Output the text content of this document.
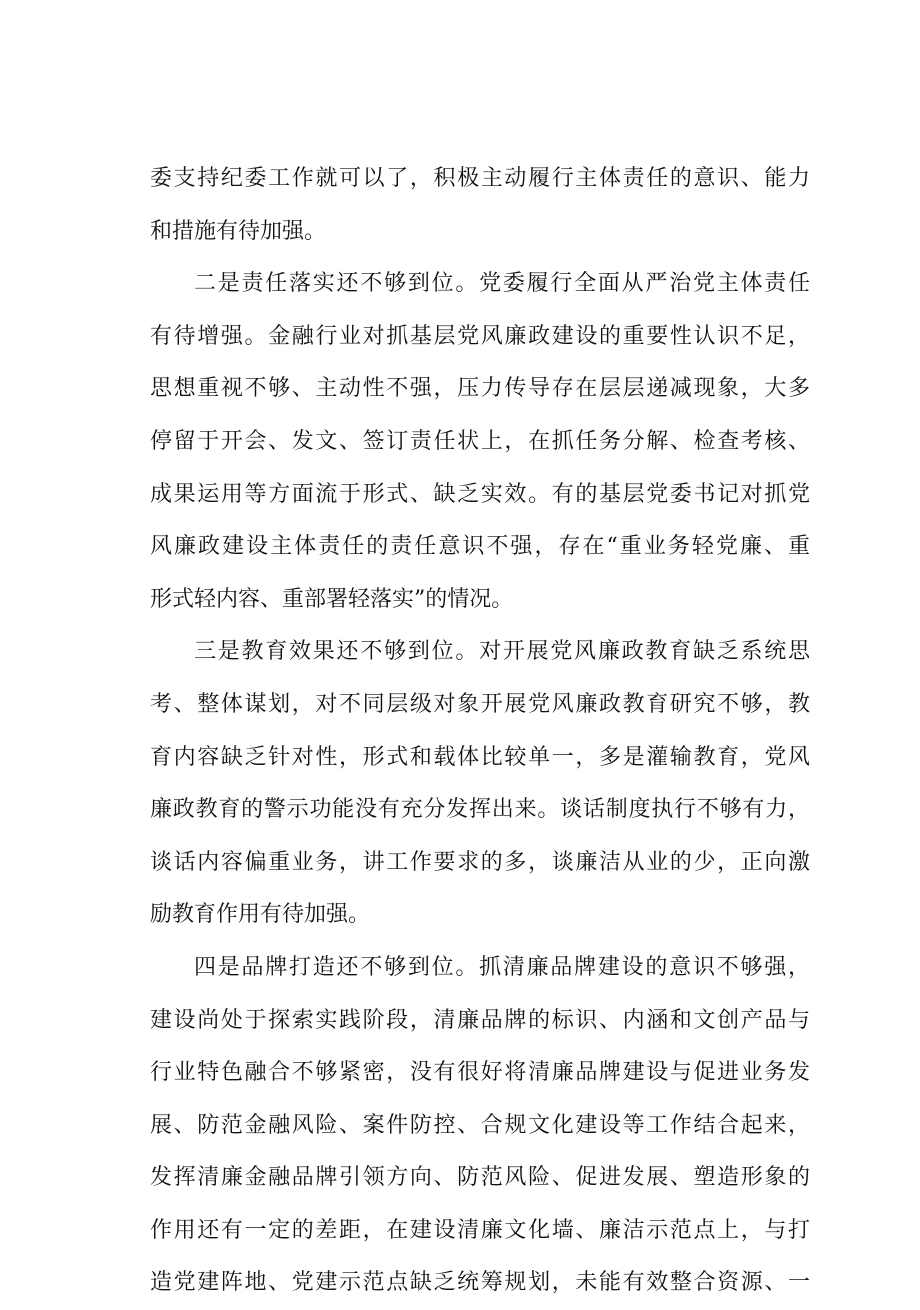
委支持纪委工作就可以了，积极主动履行主体责任的意识、能力
和措施有待加强。
二是责任落实还不够到位。党委履行全面从严治党主体责任
有待增强。金融行业对抓基层党风廉政建设的重要性认识不足，
思想重视不够、主动性不强，压力传导存在层层递减现象，大多
停留于开会、发文、签订责任状上，在抓任务分解、检查考核、
成果运用等方面流于形式、缺乏实效。有的基层党委书记对抓党
风廉政建设主体责任的责任意识不强，存在“重业务轻党廉、重
形式轻内容、重部署轻落实”的情况。
三是教育效果还不够到位。对开展党风廉政教育缺乏系统思
考、整体谋划，对不同层级对象开展党风廉政教育研究不够，教
育内容缺乏针对性，形式和载体比较单一，多是灌输教育，党风
廉政教育的警示功能没有充分发挥出来。谈话制度执行不够有力，
谈话内容偏重业务，讲工作要求的多，谈廉洁从业的少，正向激
励教育作用有待加强。
四是品牌打造还不够到位。抓清廉品牌建设的意识不够强，
建设尚处于探索实践阶段，清廉品牌的标识、内涵和文创产品与
行业特色融合不够紧密，没有很好将清廉品牌建设与促进业务发
展、防范金融风险、案件防控、合规文化建设等工作结合起来，
发挥清廉金融品牌引领方向、防范风险、促进发展、塑造形象的
作用还有一定的差距，在建设清廉文化墙、廉洁示范点上，与打
造党建阵地、党建示范点缺乏统筹规划，未能有效整合资源、一
